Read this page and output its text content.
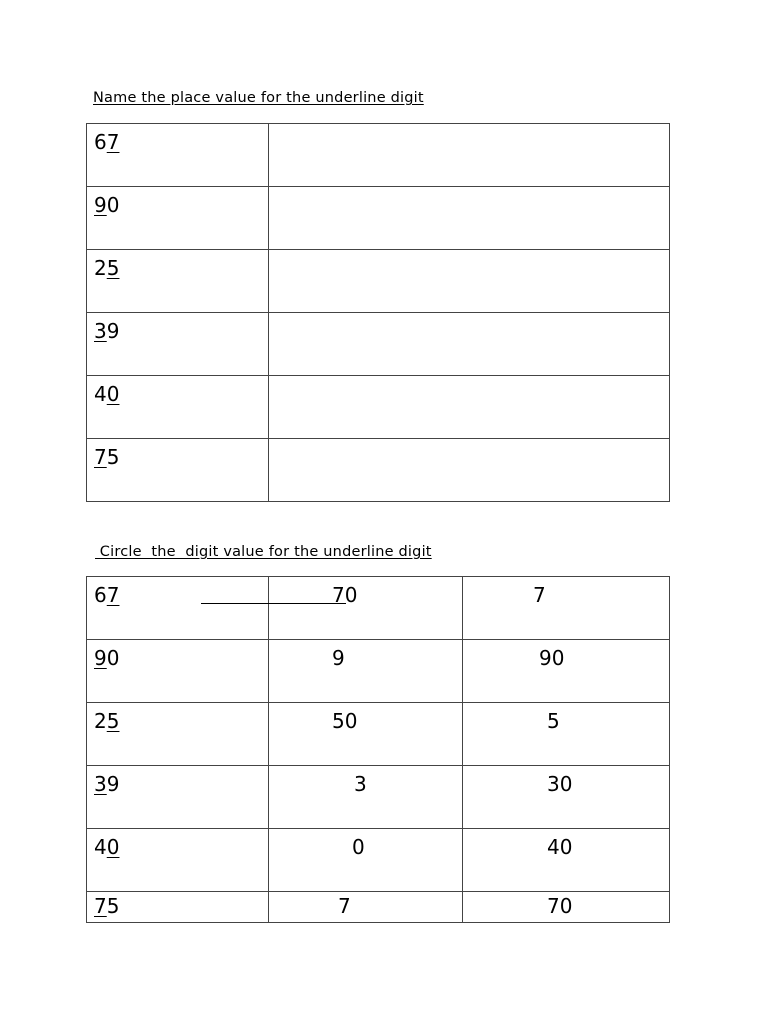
Name the place value for the underline digit
67	

90	

25	

39	

40	

75	

Circle  the  digit value for the underline digit
67	70	7

90	9	90

25	50	5

39	3	30

40	0	40

75	7	70
